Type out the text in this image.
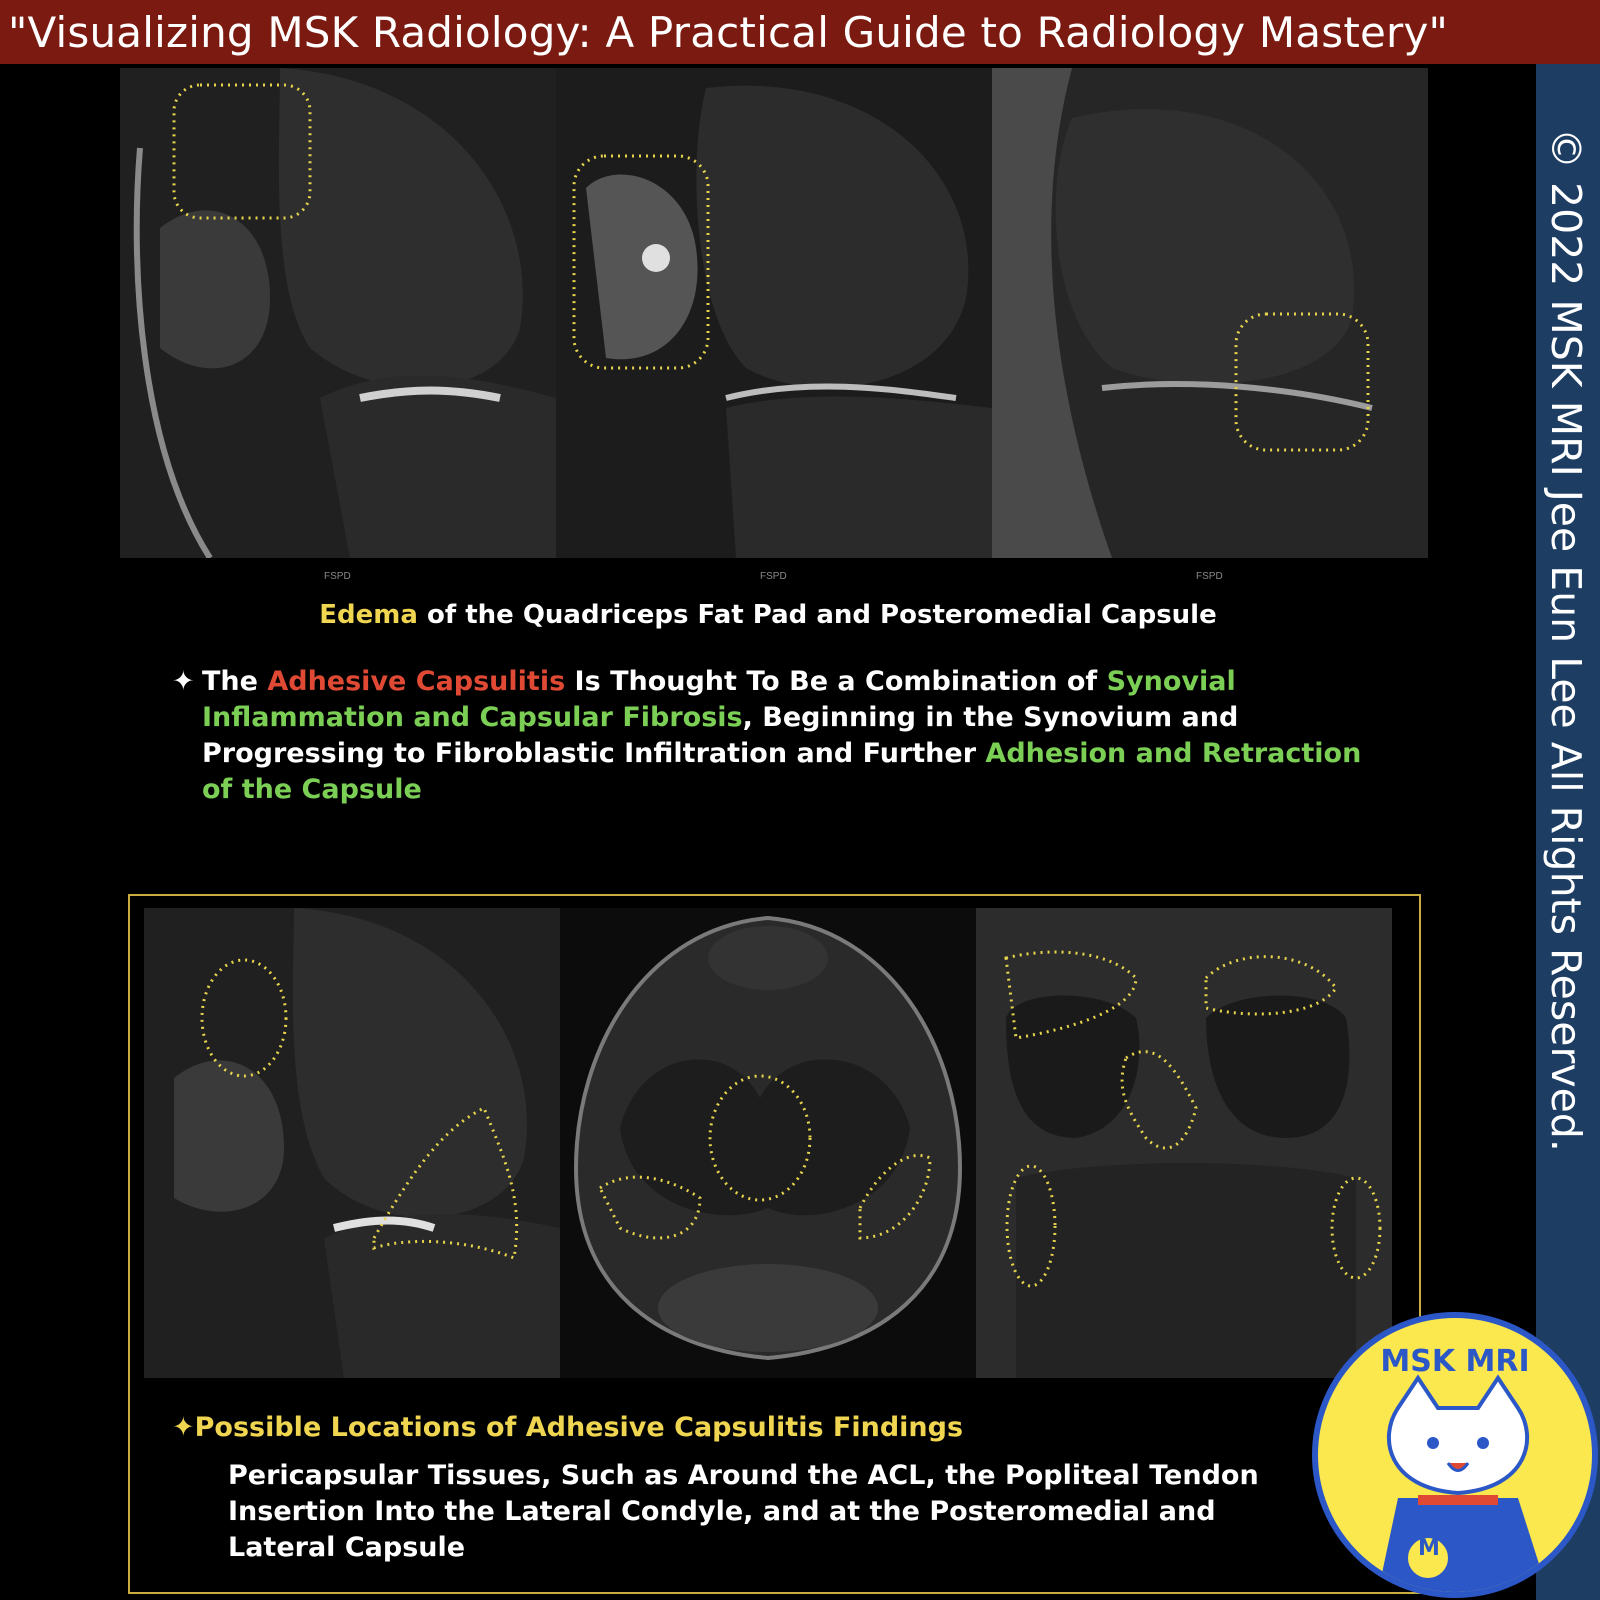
"Visualizing MSK Radiology: A Practical Guide to Radiology Mastery"
© 2022 MSK MRI Jee Eun Lee All Rights Reserved.
FSPD	FSPD	FSPD
Edema of the Quadriceps Fat Pad and Posteromedial Capsule
✦ The Adhesive Capsulitis Is Thought To Be a Combination of Synovial Inflammation and Capsular Fibrosis, Beginning in the Synovium and Progressing to Fibroblastic Infiltration and Further Adhesion and Retraction of the Capsule
✦Possible Locations of Adhesive Capsulitis Findings
Pericapsular Tissues, Such as Around the ACL, the Popliteal Tendon Insertion Into the Lateral Condyle, and at the Posteromedial and Lateral Capsule
MSK MRI
M
